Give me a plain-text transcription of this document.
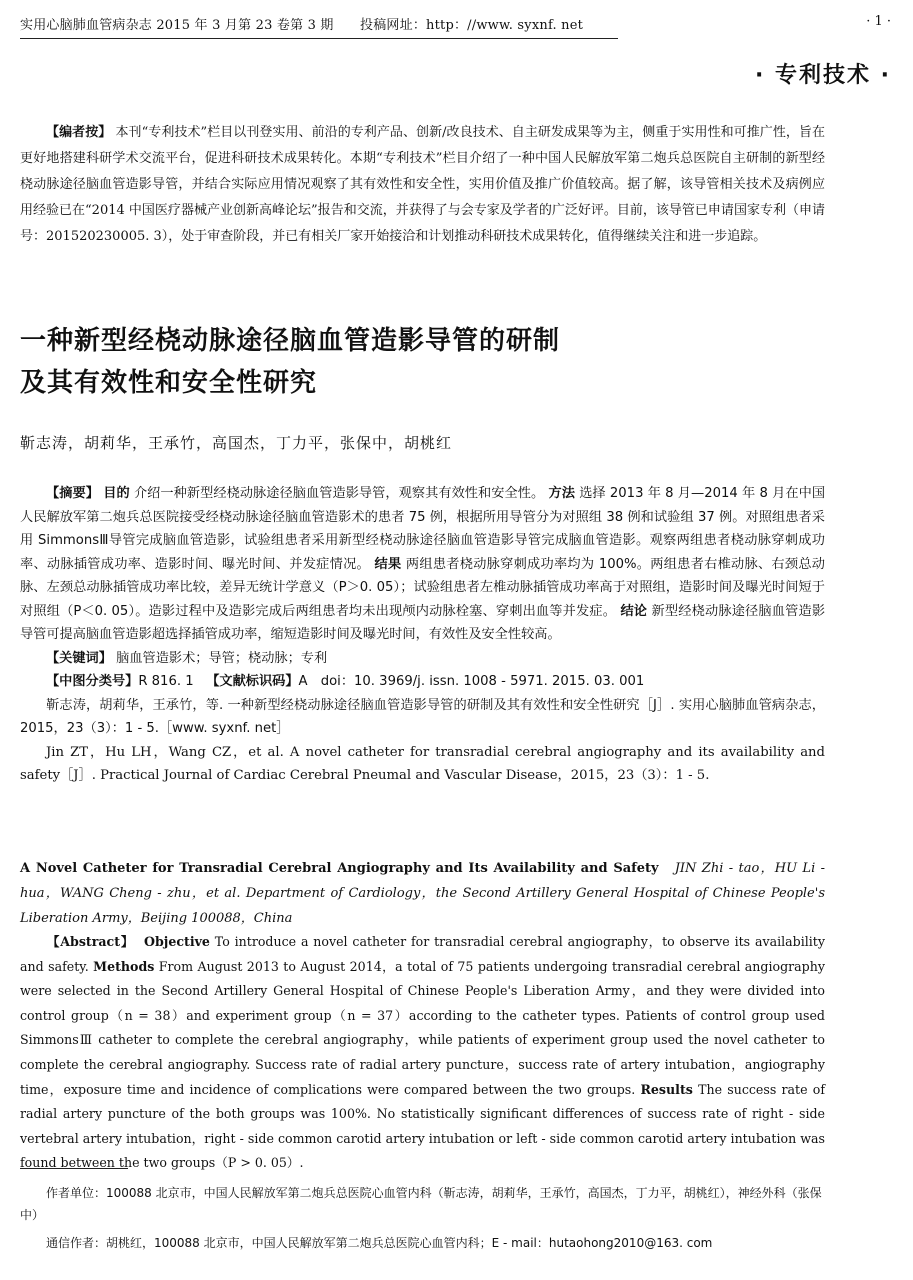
实用心脑肺血管病杂志 2015 年 3 月第 23 卷第 3 期　　投稿网址：http：//www. syxnf. net	· 1 ·
· 专利技术 ·
【编者按】 本刊“专利技术”栏目以刊登实用、前沿的专利产品、创新/改良技术、自主研发成果等为主，侧重于实用性和可推广性，旨在更好地搭建科研学术交流平台，促进科研技术成果转化。本期“专利技术”栏目介绍了一种中国人民解放军第二炮兵总医院自主研制的新型经桡动脉途径脑血管造影导管，并结合实际应用情况观察了其有效性和安全性，实用价值及推广价值较高。据了解，该导管相关技术及病例应用经验已在“2014 中国医疗器械产业创新高峰论坛”报告和交流，并获得了与会专家及学者的广泛好评。目前，该导管已申请国家专利（申请号：201520230005. 3），处于审查阶段，并已有相关厂家开始接洽和计划推动科研技术成果转化，值得继续关注和进一步追踪。
一种新型经桡动脉途径脑血管造影导管的研制
及其有效性和安全性研究
靳志涛，胡莉华，王承竹，高国杰，丁力平，张保中，胡桃红
【摘要】 目的 介绍一种新型经桡动脉途径脑血管造影导管，观察其有效性和安全性。 方法 选择 2013 年 8 月—2014 年 8 月在中国人民解放军第二炮兵总医院接受经桡动脉途径脑血管造影术的患者 75 例，根据所用导管分为对照组 38 例和试验组 37 例。对照组患者采用 SimmonsⅢ导管完成脑血管造影，试验组患者采用新型经桡动脉途径脑血管造影导管完成脑血管造影。观察两组患者桡动脉穿刺成功率、动脉插管成功率、造影时间、曝光时间、并发症情况。 结果 两组患者桡动脉穿刺成功率均为 100%。两组患者右椎动脉、右颈总动脉、左颈总动脉插管成功率比较，差异无统计学意义（P＞0. 05）；试验组患者左椎动脉插管成功率高于对照组，造影时间及曝光时间短于对照组（P＜0. 05）。造影过程中及造影完成后两组患者均未出现颅内动脉栓塞、穿刺出血等并发症。 结论 新型经桡动脉途径脑血管造影导管可提高脑血管造影超选择插管成功率，缩短造影时间及曝光时间，有效性及安全性较高。
【关键词】 脑血管造影术；导管；桡动脉；专利
【中图分类号】R 816. 1 【文献标识码】A　doi：10. 3969/j. issn. 1008 - 5971. 2015. 03. 001
靳志涛，胡莉华，王承竹，等. 一种新型经桡动脉途径脑血管造影导管的研制及其有效性和安全性研究［J］. 实用心脑肺血管病杂志，2015，23（3）：1 - 5.［www. syxnf. net］
Jin ZT，Hu LH，Wang CZ，et al. A novel catheter for transradial cerebral angiography and its availability and safety［J］. Practical Journal of Cardiac Cerebral Pneumal and Vascular Disease，2015，23（3）：1 - 5.
A Novel Catheter for Transradial Cerebral Angiography and Its Availability and Safety JIN Zhi - tao，HU Li - hua，WANG Cheng - zhu，et al. Department of Cardiology，the Second Artillery General Hospital of Chinese People's Liberation Army，Beijing 100088，China
【Abstract】 Objective To introduce a novel catheter for transradial cerebral angiography，to observe its availability and safety. Methods From August 2013 to August 2014，a total of 75 patients undergoing transradial cerebral angiography were selected in the Second Artillery General Hospital of Chinese People's Liberation Army，and they were divided into control group（n = 38）and experiment group（n = 37）according to the catheter types. Patients of control group used SimmonsⅢ catheter to complete the cerebral angiography，while patients of experiment group used the novel catheter to complete the cerebral angiography. Success rate of radial artery puncture，success rate of artery intubation，angiography time，exposure time and incidence of complications were compared between the two groups. Results The success rate of radial artery puncture of the both groups was 100%. No statistically significant differences of success rate of right - side vertebral artery intubation，right - side common carotid artery intubation or left - side common carotid artery intubation was found between the two groups（P > 0. 05）.
作者单位：100088 北京市，中国人民解放军第二炮兵总医院心血管内科（靳志涛，胡莉华，王承竹，高国杰，丁力平，胡桃红），神经外科（张保中）
通信作者：胡桃红，100088 北京市，中国人民解放军第二炮兵总医院心血管内科；E - mail：hutaohong2010@163. com
